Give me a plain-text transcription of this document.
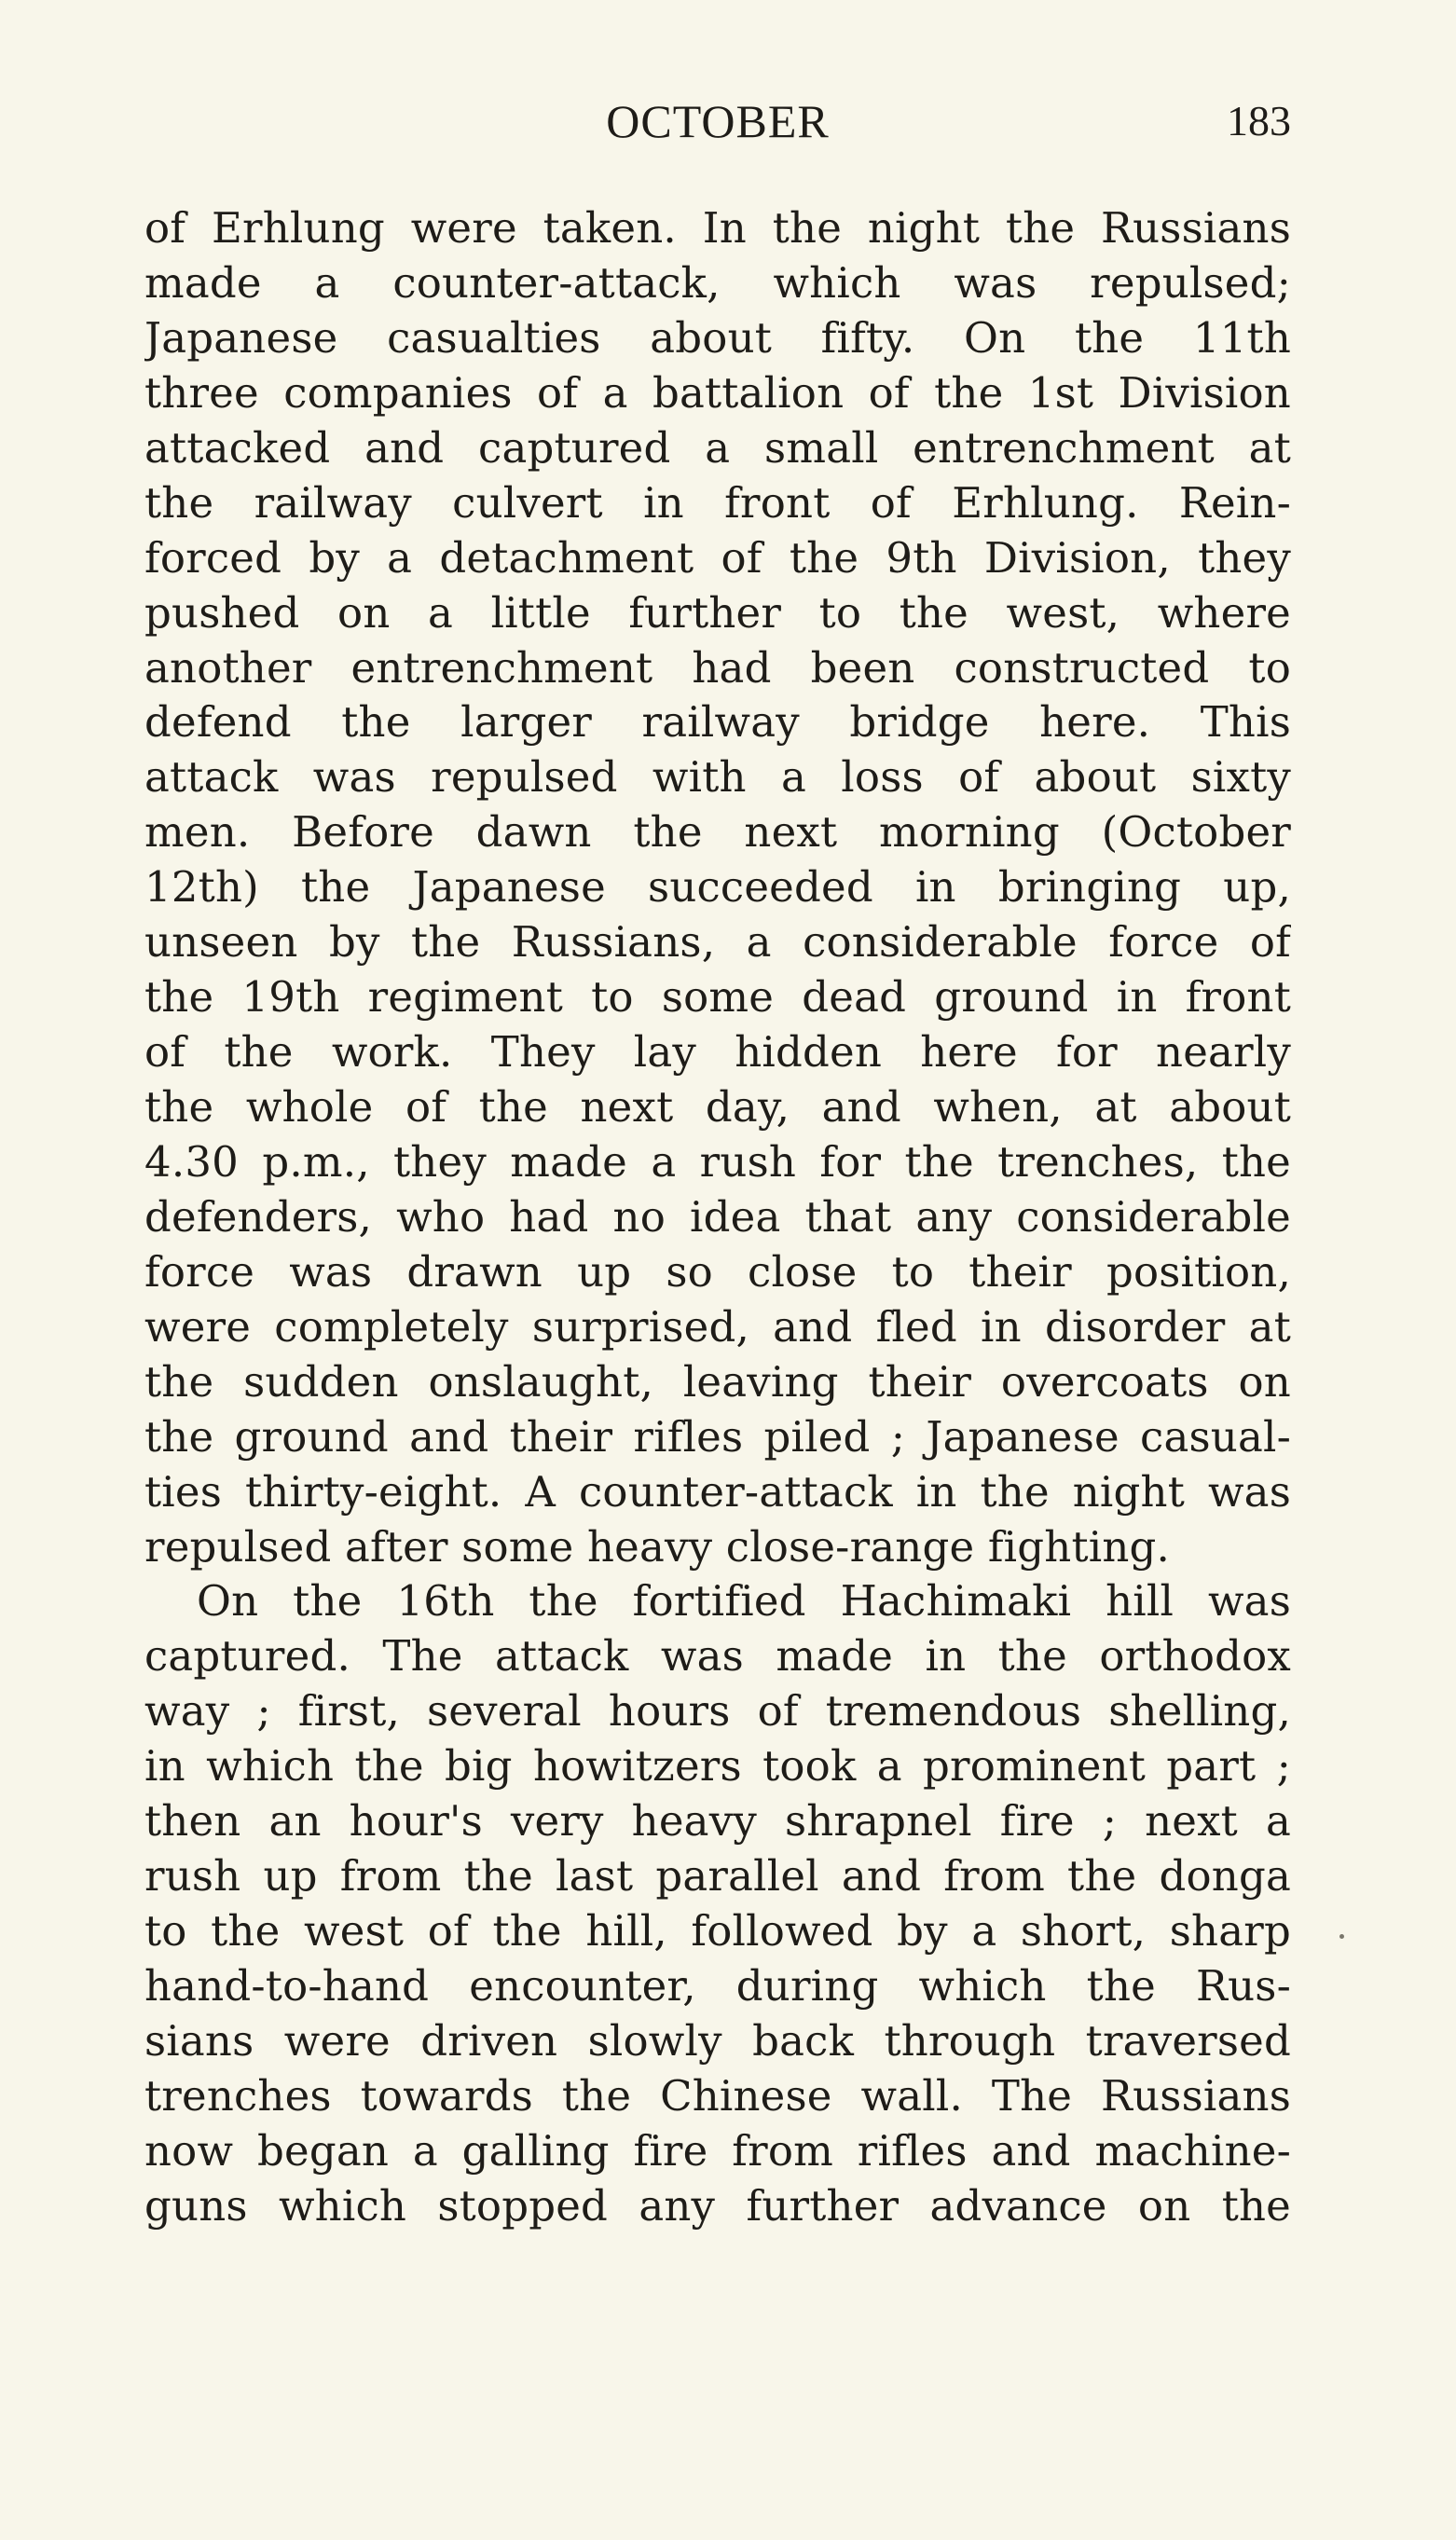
OCTOBER	183
of Erhlung were taken. In the night the Russians
made a counter-attack, which was repulsed;
Japanese casualties about fifty. On the 11th
three companies of a battalion of the 1st Division
attacked and captured a small entrenchment at
the railway culvert in front of Erhlung. Rein-
forced by a detachment of the 9th Division, they
pushed on a little further to the west, where
another entrenchment had been constructed to
defend the larger railway bridge here. This
attack was repulsed with a loss of about sixty
men. Before dawn the next morning (October
12th) the Japanese succeeded in bringing up,
unseen by the Russians, a considerable force of
the 19th regiment to some dead ground in front
of the work. They lay hidden here for nearly
the whole of the next day, and when, at about
4.30 p.m., they made a rush for the trenches, the
defenders, who had no idea that any considerable
force was drawn up so close to their position,
were completely surprised, and fled in disorder at
the sudden onslaught, leaving their overcoats on
the ground and their rifles piled ; Japanese casual-
ties thirty-eight. A counter-attack in the night was
repulsed after some heavy close-range fighting.
On the 16th the fortified Hachimaki hill was
captured. The attack was made in the orthodox
way ; first, several hours of tremendous shelling,
in which the big howitzers took a prominent part ;
then an hour's very heavy shrapnel fire ; next a
rush up from the last parallel and from the donga
to the west of the hill, followed by a short, sharp
hand-to-hand encounter, during which the Rus-
sians were driven slowly back through traversed
trenches towards the Chinese wall. The Russians
now began a galling fire from rifles and machine-
guns which stopped any further advance on the
